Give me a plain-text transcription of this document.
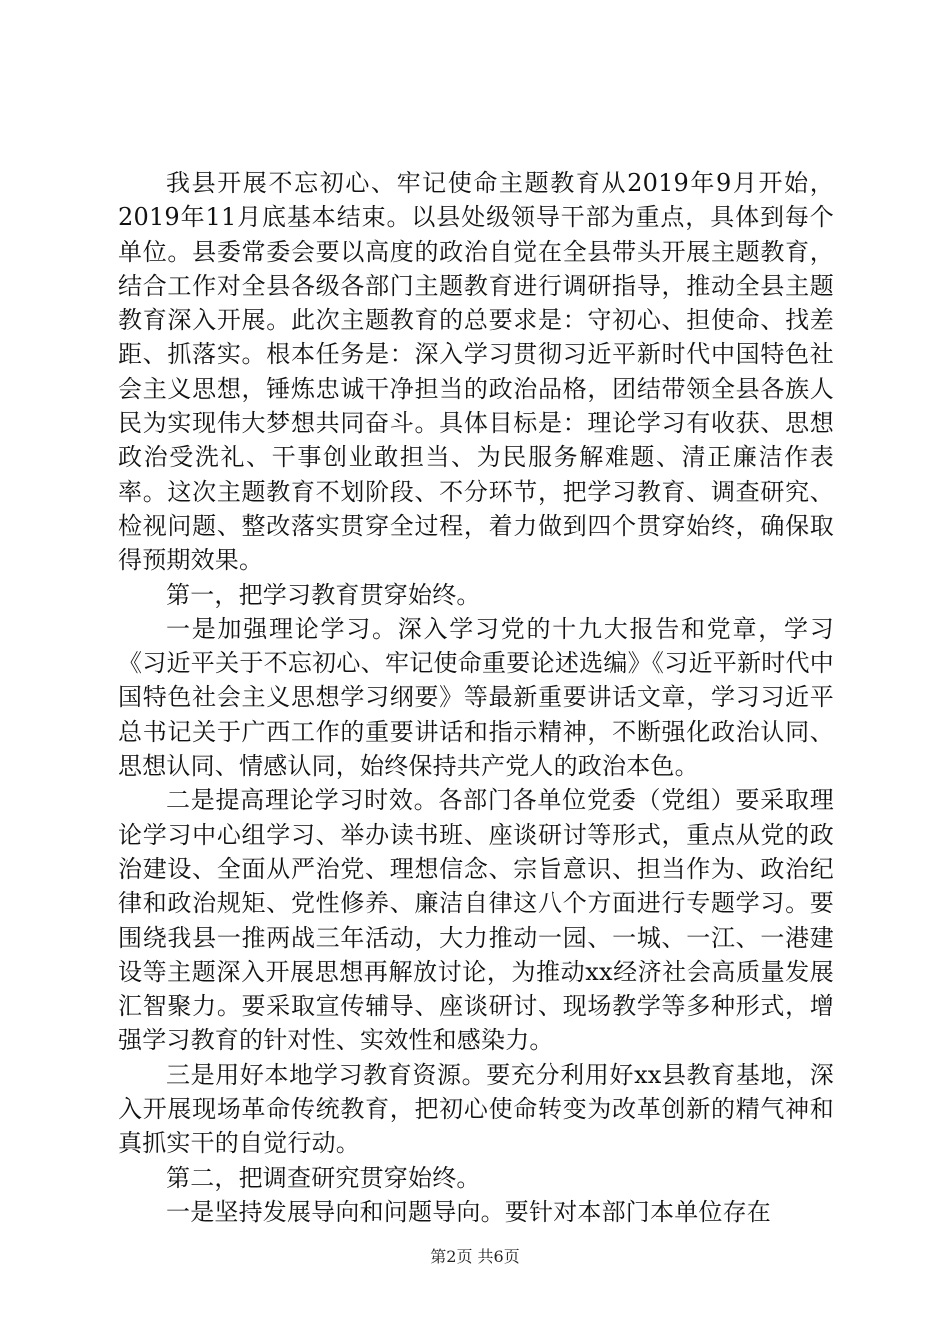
我县开展不忘初心、牢记使命主题教育从2019年9月开始，2019年11月底基本结束。以县处级领导干部为重点，具体到每个单位。县委常委会要以高度的政治自觉在全县带头开展主题教育，结合工作对全县各级各部门主题教育进行调研指导，推动全县主题教育深入开展。此次主题教育的总要求是：守初心、担使命、找差距、抓落实。根本任务是：深入学习贯彻习近平新时代中国特色社会主义思想，锤炼忠诚干净担当的政治品格，团结带领全县各族人民为实现伟大梦想共同奋斗。具体目标是：理论学习有收获、思想政治受洗礼、干事创业敢担当、为民服务解难题、清正廉洁作表率。这次主题教育不划阶段、不分环节，把学习教育、调查研究、检视问题、整改落实贯穿全过程，着力做到四个贯穿始终，确保取得预期效果。

第一，把学习教育贯穿始终。

一是加强理论学习。深入学习党的十九大报告和党章，学习《习近平关于不忘初心、牢记使命重要论述选编》《习近平新时代中国特色社会主义思想学习纲要》等最新重要讲话文章，学习习近平总书记关于广西工作的重要讲话和指示精神，不断强化政治认同、思想认同、情感认同，始终保持共产党人的政治本色。

二是提高理论学习时效。各部门各单位党委（党组）要采取理论学习中心组学习、举办读书班、座谈研讨等形式，重点从党的政治建设、全面从严治党、理想信念、宗旨意识、担当作为、政治纪律和政治规矩、党性修养、廉洁自律这八个方面进行专题学习。要围绕我县一推两战三年活动，大力推动一园、一城、一江、一港建设等主题深入开展思想再解放讨论，为推动xx经济社会高质量发展汇智聚力。要采取宣传辅导、座谈研讨、现场教学等多种形式，增强学习教育的针对性、实效性和感染力。

三是用好本地学习教育资源。要充分利用好xx县教育基地，深入开展现场革命传统教育，把初心使命转变为改革创新的精气神和真抓实干的自觉行动。

第二，把调查研究贯穿始终。

一是坚持发展导向和问题导向。要针对本部门本单位存在

第2页 共6页
